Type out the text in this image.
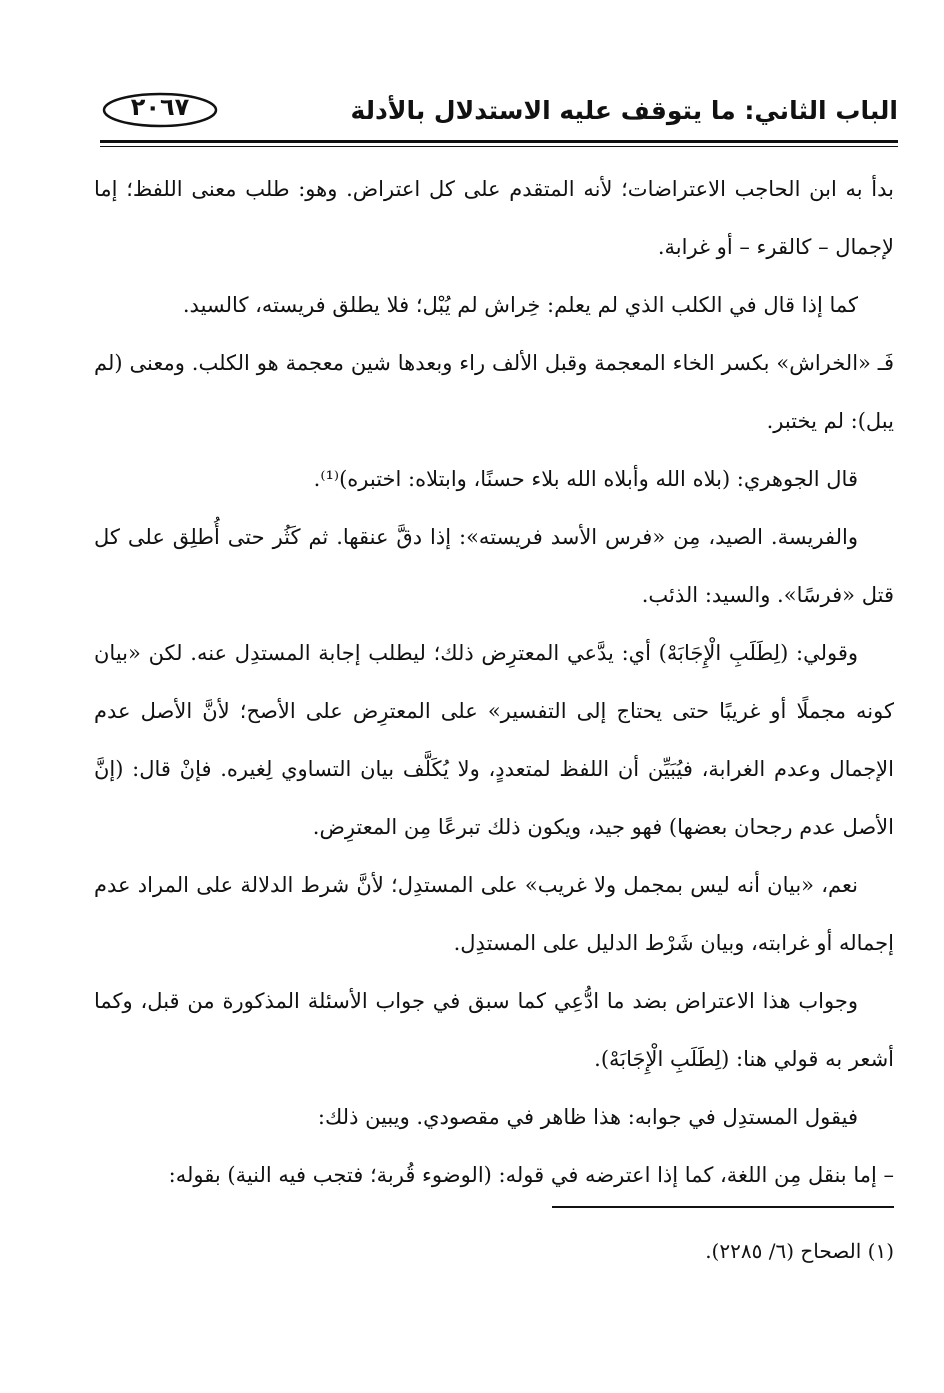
الباب الثاني: ما يتوقف عليه الاستدلال بالأدلة
٢٠٦٧

بدأ به ابن الحاجب الاعتراضات؛ لأنه المتقدم على كل اعتراض. وهو: طلب معنى اللفظ؛ إما لإجمال – كالقرء – أو غرابة.

كما إذا قال في الكلب الذي لم يعلم: خِراش لم يُبْل؛ فلا يطلق فريسته، كالسيد.

فَـ «الخراش» بكسر الخاء المعجمة وقبل الألف راء وبعدها شين معجمة هو الكلب. ومعنى (لم يبل): لم يختبر.

قال الجوهري: (بلاه الله وأبلاه الله بلاء حسنًا، وابتلاه: اختبره)⁽¹⁾.

والفريسة. الصيد، مِن «فرس الأسد فريسته»: إذا دقَّ عنقها. ثم كَثُر حتى أُطلِق على كل قتل «فرسًا». والسيد: الذئب.

وقولي: (لِطَلَبِ الْإِجَابَهْ) أي: يدَّعي المعترِض ذلك؛ ليطلب إجابة المستدِل عنه. لكن «بيان كونه مجملًا أو غريبًا حتى يحتاج إلى التفسير» على المعترِض على الأصح؛ لأنَّ الأصل عدم الإجمال وعدم الغرابة، فيُبَيِّن أن اللفظ لمتعددٍ، ولا يُكَلَّف بيان التساوي لِغيره. فإنْ قال: (إنَّ الأصل عدم رجحان بعضها) فهو جيد، ويكون ذلك تبرعًا مِن المعترِض.

نعم، «بيان أنه ليس بمجمل ولا غريب» على المستدِل؛ لأنَّ شرط الدلالة على المراد عدم إجماله أو غرابته، وبيان شَرْط الدليل على المستدِل.

وجواب هذا الاعتراض بضد ما ادُّعِي كما سبق في جواب الأسئلة المذكورة من قبل، وكما أشعر به قولي هنا: (لِطَلَبِ الْإِجَابَهْ).

فيقول المستدِل في جوابه: هذا ظاهر في مقصودي. ويبين ذلك:

– إما بنقل مِن اللغة، كما إذا اعترضه في قوله: (الوضوء قُربة؛ فتجب فيه النية) بقوله:

(١) الصحاح (٦/ ٢٢٨٥).
